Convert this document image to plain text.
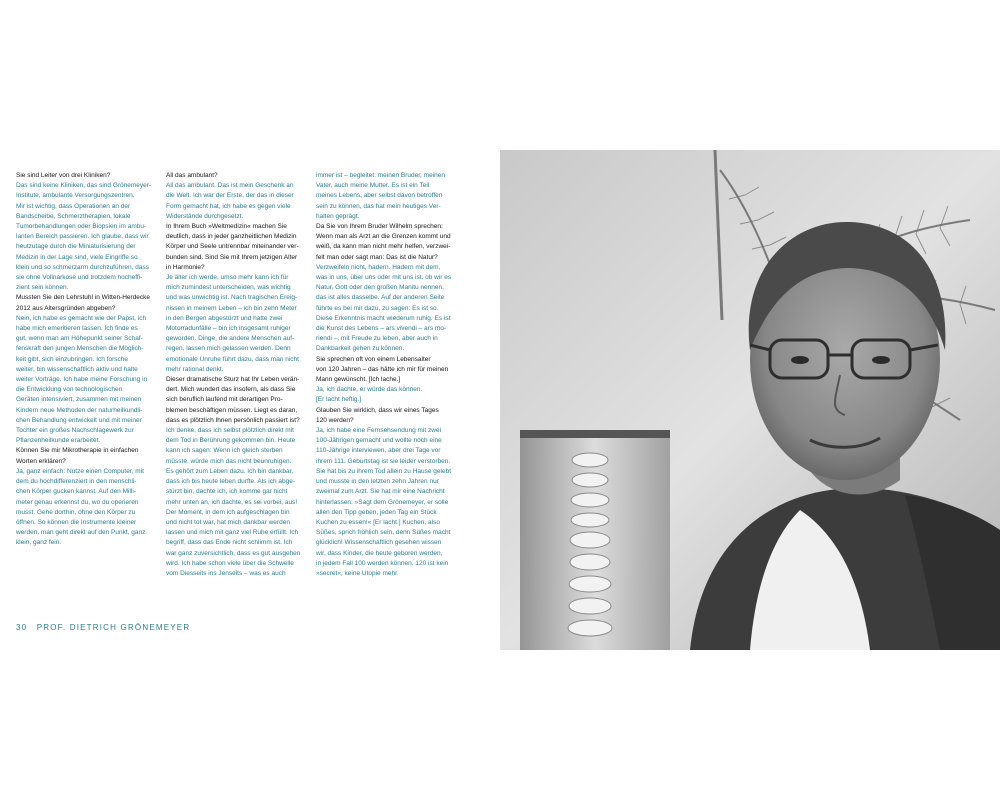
Sie sind Leiter von drei Kliniken?

Das sind keine Kliniken, das sind Grönemeyer-
Institute, ambulante Versorgungszentren.
Mir ist wichtig, dass Operationen an der
Bandscheibe, Schmerztherapien, lokale
Tumorbehandlungen oder Biopsien im ambu-
lanten Bereich passieren. Ich glaube, dass wir
heutzutage durch die Miniaturisierung der
Medizin in der Lage sind, viele Eingriffe so
klein und so schmerzarm durchzuführen, dass
sie ohne Vollnarkose und trotzdem hocheffi-
zient sein können.

Mussten Sie den Lehrstuhl in Witten-Herdecke
2012 aus Altersgründen abgeben?

Nein, ich habe es gemacht wie der Papst, ich
habe mich emeritieren lassen. Ich finde es
gut, wenn man am Höhepunkt seiner Schaf-
fenskraft den jungen Menschen die Möglich-
keit gibt, sich einzubringen. Ich forsche
weiter, bin wissenschaftlich aktiv und halte
weiter Vorträge. Ich habe meine Forschung in
die Entwicklung von technologischen
Geräten intensiviert, zusammen mit meinen
Kindern neue Methoden der naturheilkundli-
chen Behandlung entwickelt und mit meiner
Tochter ein großes Nachschlagewerk zur
Pflanzenheilkunde erarbeitet.

Können Sie mir Mikrotherapie in einfachen
Worten erklären?

Ja, ganz einfach: Nutze einen Computer, mit
dem du hochdifferenziert in den menschli-
chen Körper gucken kannst. Auf den Milli-
meter genau erkennst du, wo du operieren
musst. Gehe dorthin, ohne den Körper zu
öffnen. So können die Instrumente kleiner
werden, man geht direkt auf den Punkt, ganz
klein, ganz fein.

All das ambulant?

All das ambulant. Das ist mein Geschenk an
die Welt. Ich war der Erste, der das in dieser
Form gemacht hat, ich habe es gegen viele
Widerstände durchgesetzt.

In Ihrem Buch »Weltmedizin« machen Sie
deutlich, dass in jeder ganzheitlichen Medizin
Körper und Seele untrennbar miteinander ver-
bunden sind. Sind Sie mit Ihrem jetzigen Alter
in Harmonie?

Je älter ich werde, umso mehr kann ich für
mich zumindest unterscheiden, was wichtig
und was unwichtig ist. Nach tragischen Ereig-
nissen in meinem Leben – ich bin zehn Meter
in den Bergen abgestürzt und hatte zwei
Motorradunfälle – bin ich insgesamt ruhiger
geworden. Dinge, die andere Menschen auf-
regen, lassen mich gelassen werden. Denn
emotionale Unruhe führt dazu, dass man nicht
mehr rational denkt.

Dieser dramatische Sturz hat Ihr Leben verän-
dert. Mich wundert das insofern, als dass Sie
sich beruflich laufend mit derartigen Pro-
blemen beschäftigen müssen. Liegt es daran,
dass es plötzlich Ihnen persönlich passiert ist?

Ich denke, dass ich selbst plötzlich direkt mit
dem Tod in Berührung gekommen bin. Heute
kann ich sagen: Wenn ich gleich sterben
müsste, würde mich das nicht beunruhigen.
Es gehört zum Leben dazu. Ich bin dankbar,
dass ich bis heute leben durfte. Als ich abge-
stürzt bin, dachte ich, ich komme gar nicht
mehr unten an, ich dachte, es sei vorbei, aus!
Der Moment, in dem ich aufgeschlagen bin
und nicht tot war, hat mich dankbar werden
lassen und mich mit ganz viel Ruhe erfüllt. Ich
begriff, dass das Ende nicht schlimm ist. Ich
war ganz zuversichtlich, dass es gut ausgehen
wird. Ich habe schon viele über die Schwelle
vom Diesseits ins Jenseits – was es auch

immer ist – begleitet: meinen Bruder, meinen
Vater, auch meine Mutter. Es ist ein Teil
meines Lebens, aber selbst davon betroffen
sein zu können, das hat mein heutiges Ver-
halten geprägt.

Da Sie von Ihrem Bruder Wilhelm sprechen:
Wenn man als Arzt an die Grenzen kommt und
weiß, da kann man nicht mehr helfen, verzwei-
felt man oder sagt man: Das ist die Natur?

Verzweifeln nicht, hadern. Hadern mit dem,
was in uns, über uns oder mit uns ist, ob wir es
Natur, Gott oder den großen Manitu nennen,
das ist alles dasselbe. Auf der anderen Seite
führte es bei mir dazu, zu sagen: Es ist so.
Diese Erkenntnis macht wiederum ruhig. Es ist
die Kunst des Lebens – ars vivendi – ars mo-
riendi –, mit Freude zu leben, aber auch in
Dankbarkeit gehen zu können.

Sie sprechen oft von einem Lebensalter
von 120 Jahren – das hätte ich mir für meinen
Mann gewünscht. [Ich lache.]

Ja, ich dachte, er würde das können.
[Er lacht heftig.]

Glauben Sie wirklich, dass wir eines Tages
120 werden?

Ja, ich habe eine Fernsehsendung mit zwei
100-Jährigen gemacht und wollte noch eine
110-Jährige interviewen, aber drei Tage vor
ihrem 111. Geburtstag ist sie leider verstorben.
Sie hat bis zu ihrem Tod allein zu Hause gelebt
und musste in den letzten zehn Jahren nur
zweimal zum Arzt. Sie hat mir eine Nachricht
hinterlassen: »Sagt dem Grönemeyer, er solle
allen den Tipp geben, jeden Tag ein Stück
Kuchen zu essen!« [Er lacht.] Kuchen, also
Süßes, sprich fröhlich sein, denn Süßes macht
glücklich! Wissenschaftlich gesehen wissen
wir, dass Kinder, die heute geboren werden,
in jedem Fall 100 werden können. 120 ist kein
»secret«, keine Utopie mehr.

30 PROF. DIETRICH GRÖNEMEYER
